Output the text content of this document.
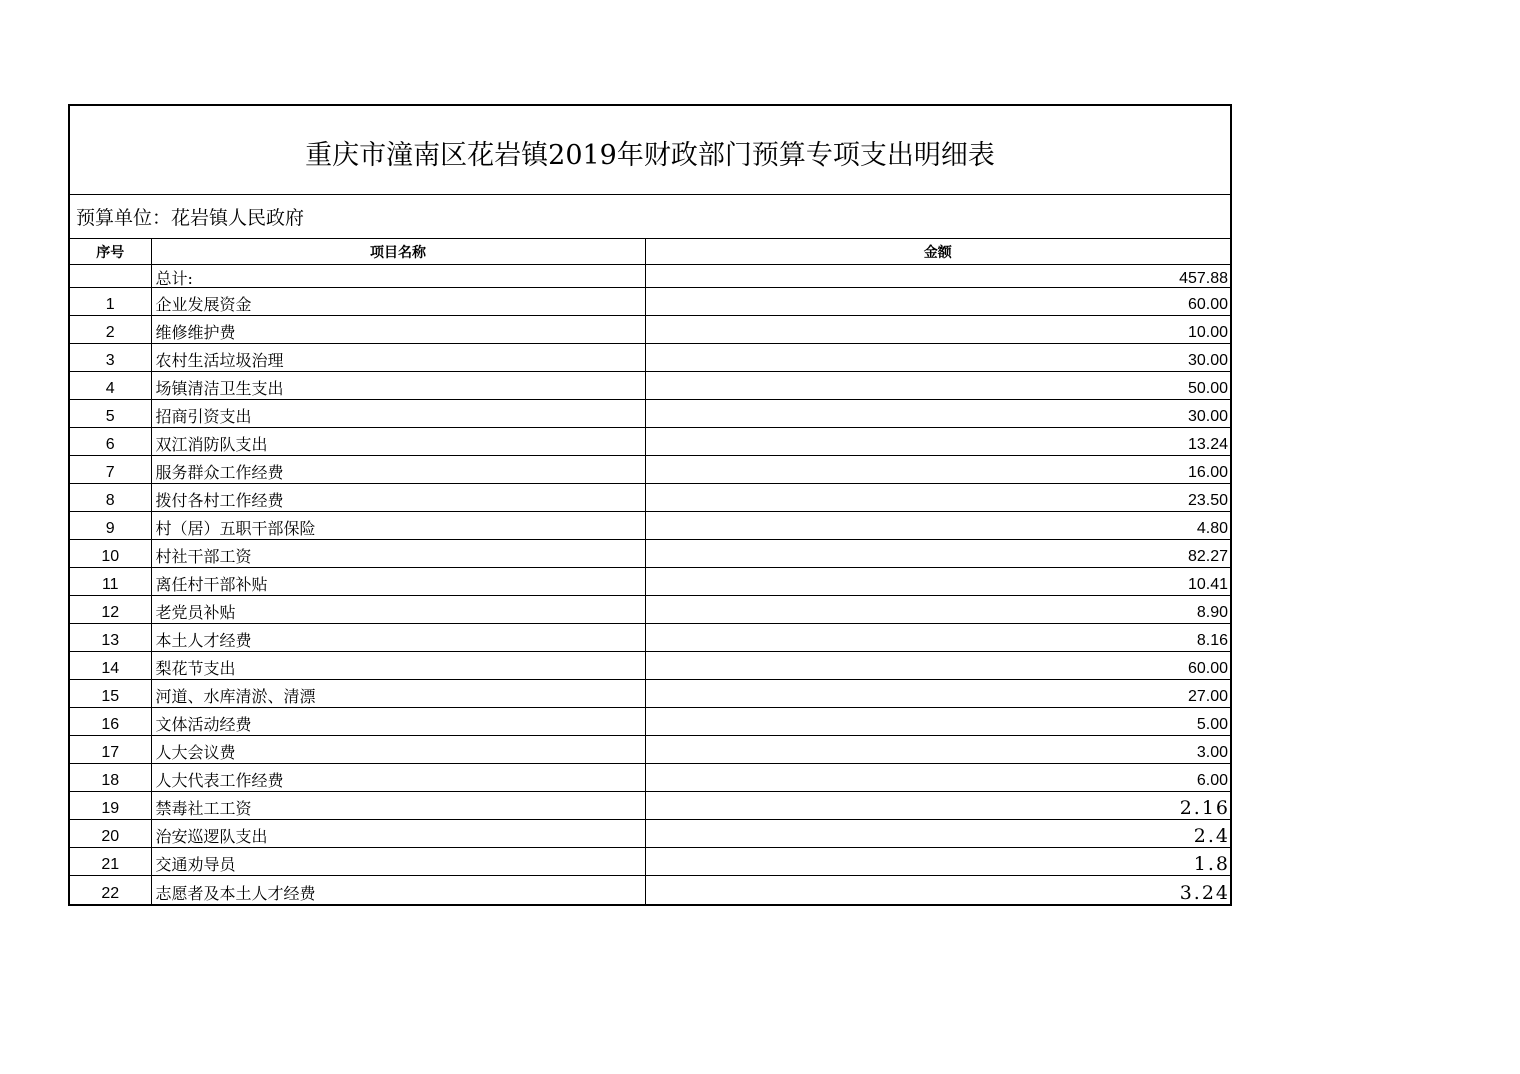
重庆市潼南区花岩镇2019年财政部门预算专项支出明细表
预算单位：花岩镇人民政府
序号	项目名称	金额
	总计:	457.88
1	企业发展资金	60.00
2	维修维护费	10.00
3	农村生活垃圾治理	30.00
4	场镇清洁卫生支出	50.00
5	招商引资支出	30.00
6	双江消防队支出	13.24
7	服务群众工作经费	16.00
8	拨付各村工作经费	23.50
9	村（居）五职干部保险	4.80
10	村社干部工资	82.27
11	离任村干部补贴	10.41
12	老党员补贴	8.90
13	本土人才经费	8.16
14	梨花节支出	60.00
15	河道、水库清淤、清漂	27.00
16	文体活动经费	5.00
17	人大会议费	3.00
18	人大代表工作经费	6.00
19	禁毒社工工资	2.16
20	治安巡逻队支出	2.4
21	交通劝导员	1.8
22	志愿者及本土人才经费	3.24
